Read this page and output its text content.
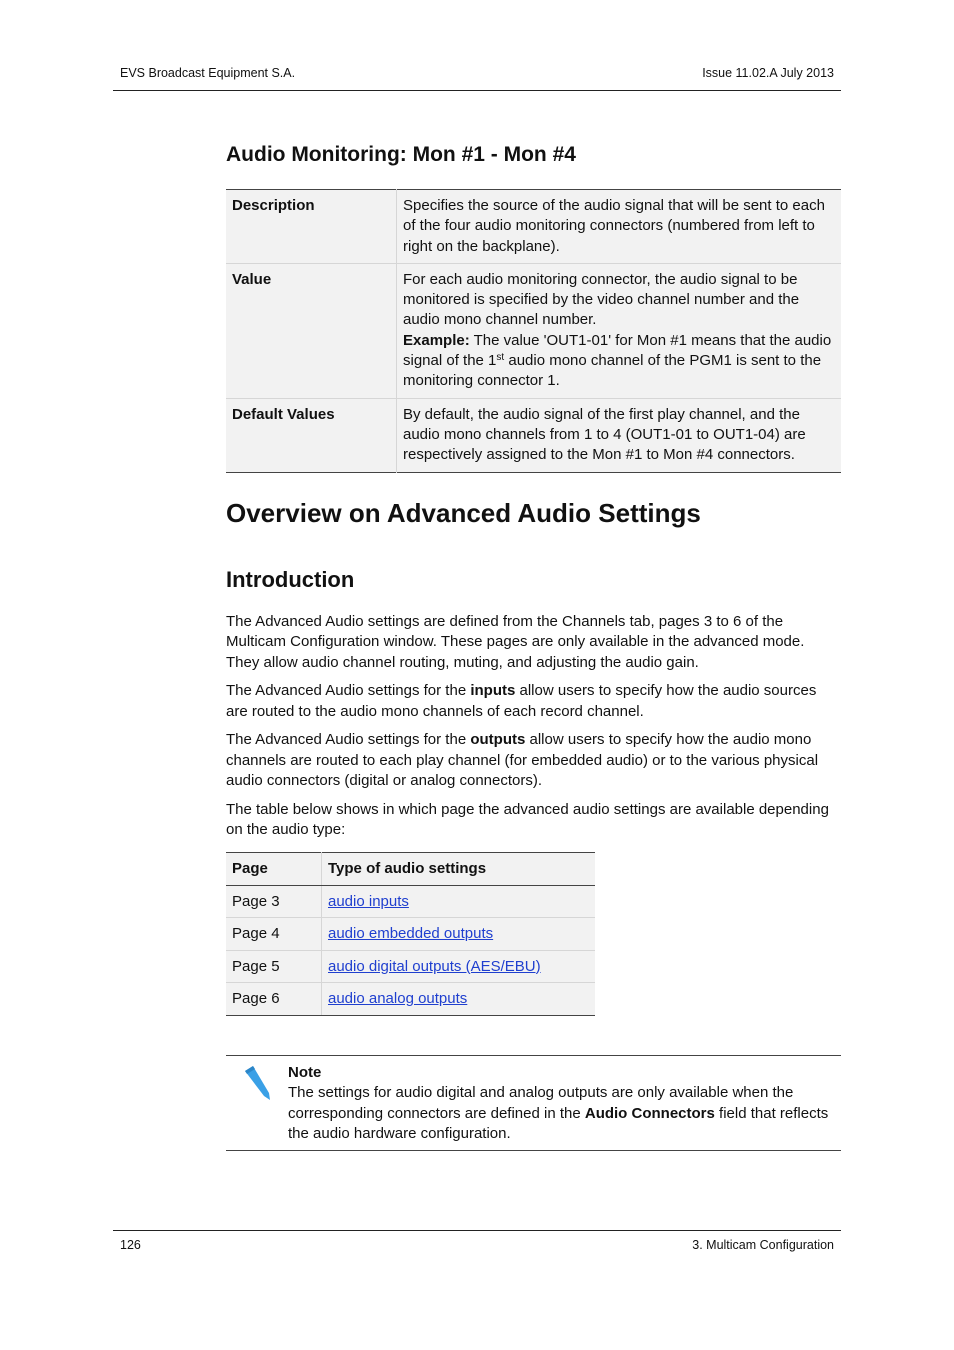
EVS Broadcast Equipment S.A.	Issue 11.02.A July 2013
Audio Monitoring: Mon #1 - Mon #4
Description	Specifies the source of the audio signal that will be sent to each of the four audio monitoring connectors (numbered from left to right on the backplane).
Value	For each audio monitoring connector, the audio signal to be monitored is specified by the video channel number and the audio mono channel number.
Example: The value 'OUT1-01' for Mon #1 means that the audio signal of the 1st audio mono channel of the PGM1 is sent to the monitoring connector 1.
Default Values	By default, the audio signal of the first play channel, and the audio mono channels from 1 to 4 (OUT1-01 to OUT1-04) are respectively assigned to the Mon #1 to Mon #4 connectors.
Overview on Advanced Audio Settings
Introduction

The Advanced Audio settings are defined from the Channels tab, pages 3 to 6 of the Multicam Configuration window. These pages are only available in the advanced mode. They allow audio channel routing, muting, and adjusting the audio gain.

The Advanced Audio settings for the inputs allow users to specify how the audio sources are routed to the audio mono channels of each record channel.

The Advanced Audio settings for the outputs allow users to specify how the audio mono channels are routed to each play channel (for embedded audio) or to the various physical audio connectors (digital or analog connectors).

The table below shows in which page the advanced audio settings are available depending on the audio type:

Page	Type of audio settings
Page 3	audio inputs
Page 4	audio embedded outputs
Page 5	audio digital outputs (AES/EBU)
Page 6	audio analog outputs
Note
The settings for audio digital and analog outputs are only available when the corresponding connectors are defined in the Audio Connectors field that reflects the audio hardware configuration.
126	3. Multicam Configuration
